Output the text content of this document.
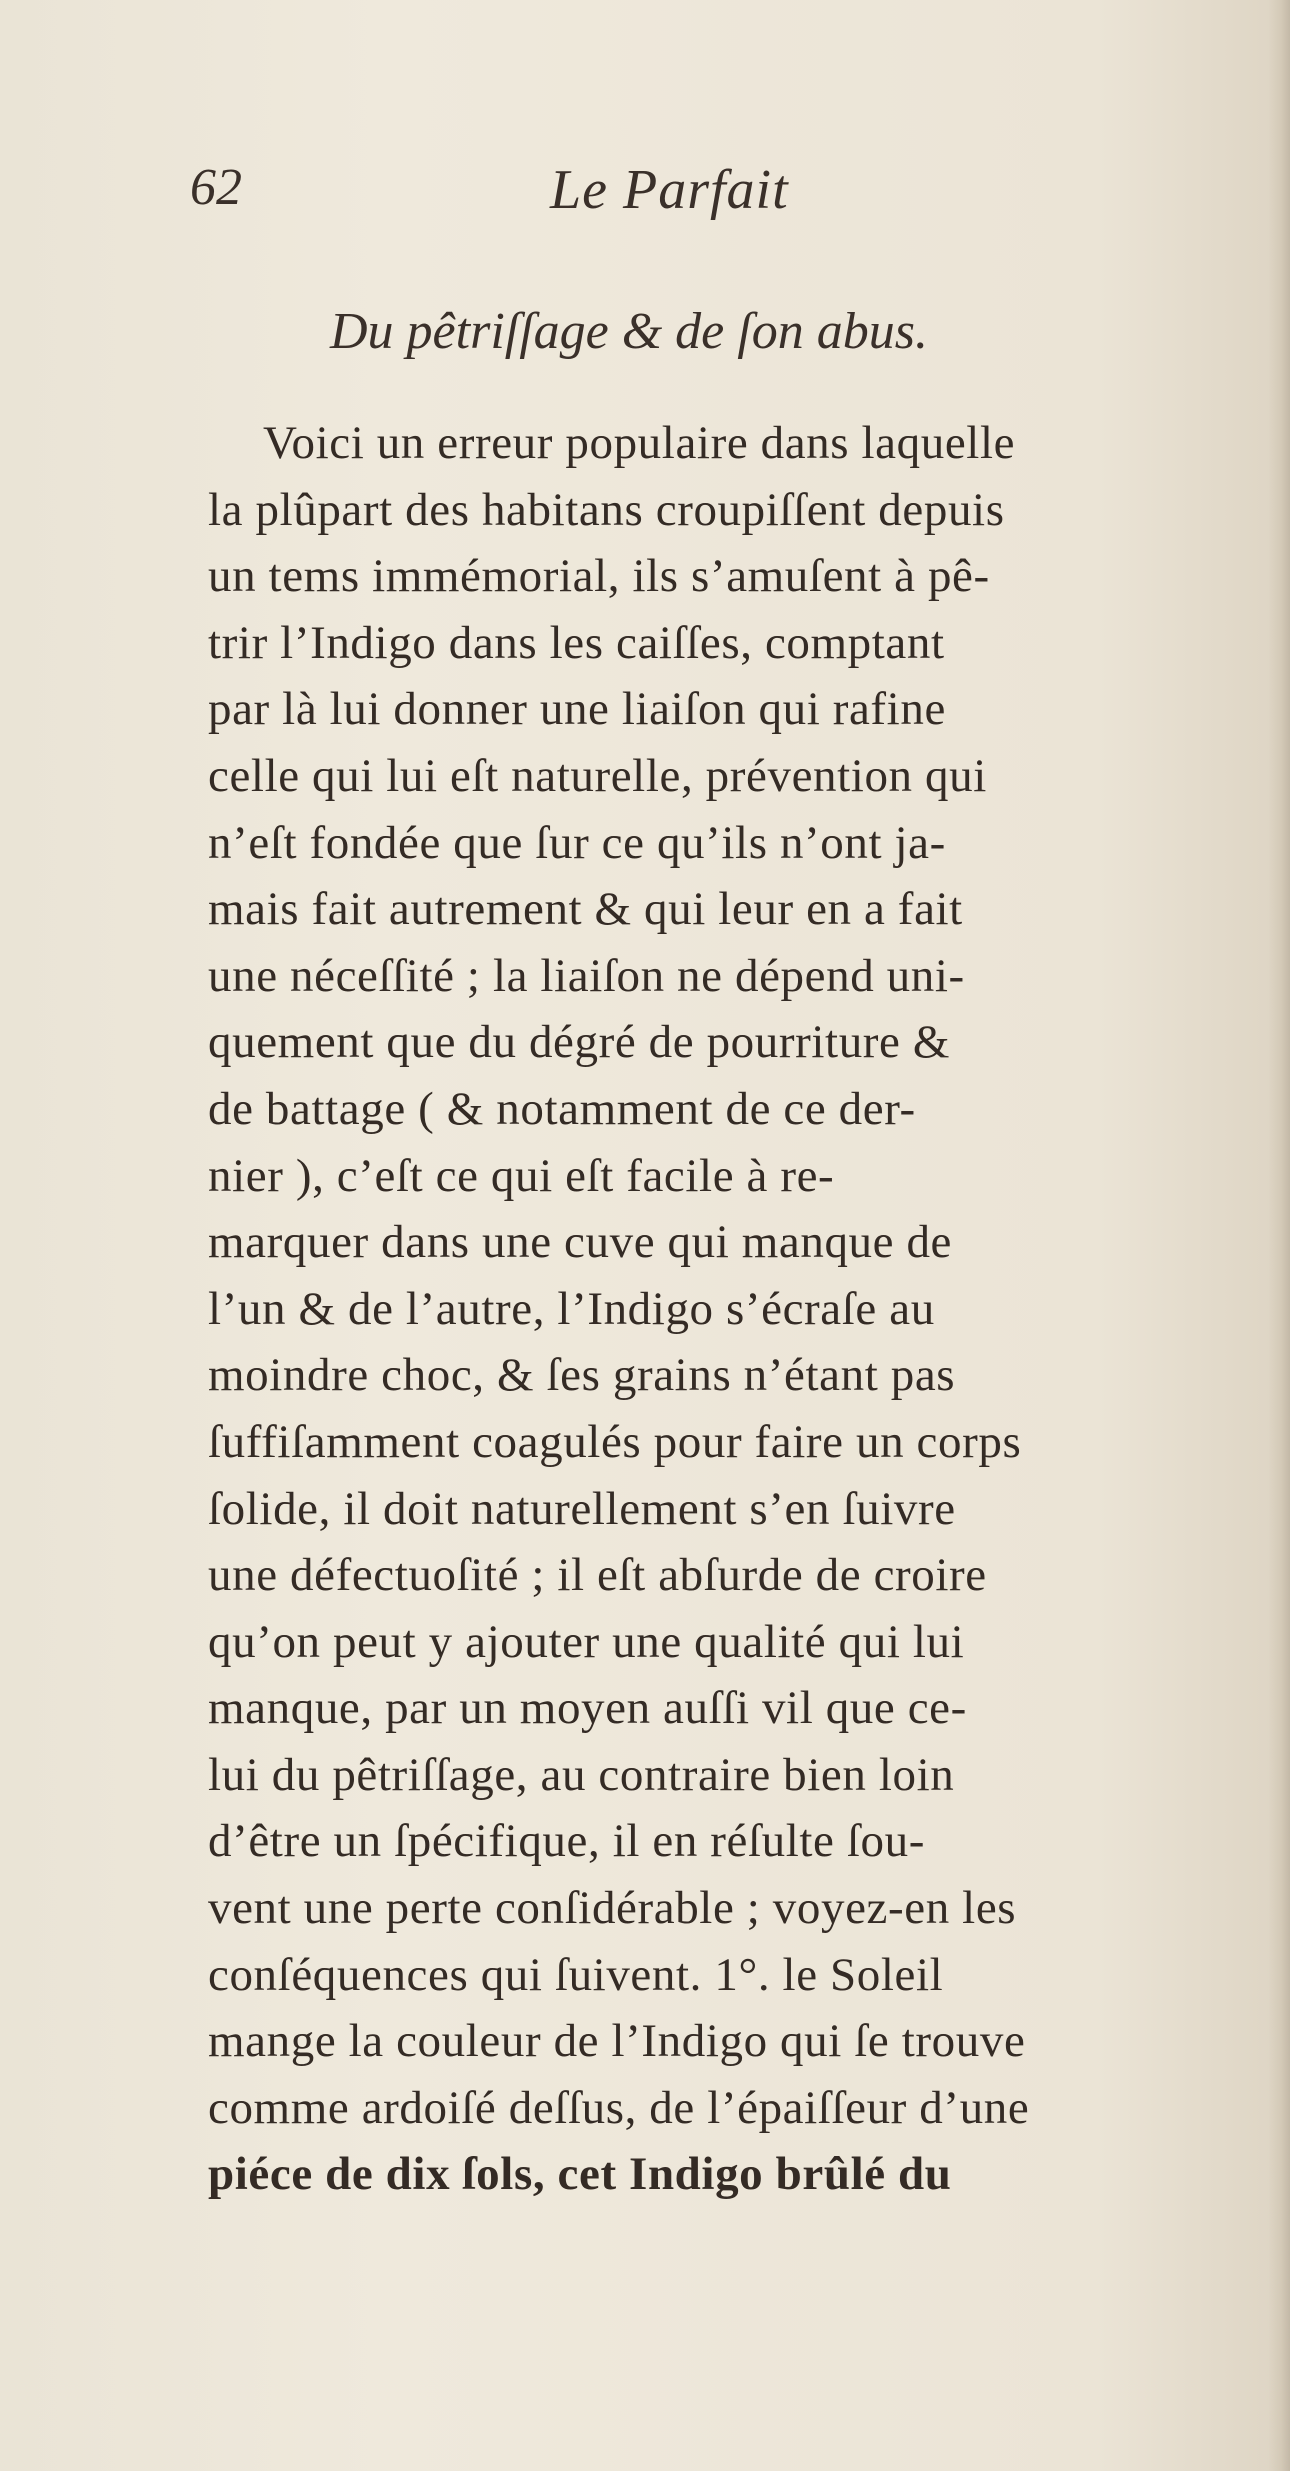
62	Le Parfait
Du pêtriſſage & de ſon abus.
Voici un erreur populaire dans laquelle
la plûpart des habitans croupiſſent depuis
un tems immémorial, ils s’amuſent à pê-
trir l’Indigo dans les caiſſes, comptant
par là lui donner une liaiſon qui rafine
celle qui lui eſt naturelle, prévention qui
n’eſt fondée que ſur ce qu’ils n’ont ja-
mais fait autrement & qui leur en a fait
une néceſſité ; la liaiſon ne dépend uni-
quement que du dégré de pourriture &
de battage ( & notamment de ce der-
nier ), c’eſt ce qui eſt facile à re-
marquer dans une cuve qui manque de
l’un & de l’autre, l’Indigo s’écraſe au
moindre choc, & ſes grains n’étant pas
ſuffiſamment coagulés pour faire un corps
ſolide, il doit naturellement s’en ſuivre
une défectuoſité ; il eſt abſurde de croire
qu’on peut y ajouter une qualité qui lui
manque, par un moyen auſſi vil que ce-
lui du pêtriſſage, au contraire bien loin
d’être un ſpécifique, il en réſulte ſou-
vent une perte conſidérable ; voyez-en les
conſéquences qui ſuivent. 1°. le Soleil
mange la couleur de l’Indigo qui ſe trouve
comme ardoiſé deſſus, de l’épaiſſeur d’une
piéce de dix ſols, cet Indigo brûlé du
